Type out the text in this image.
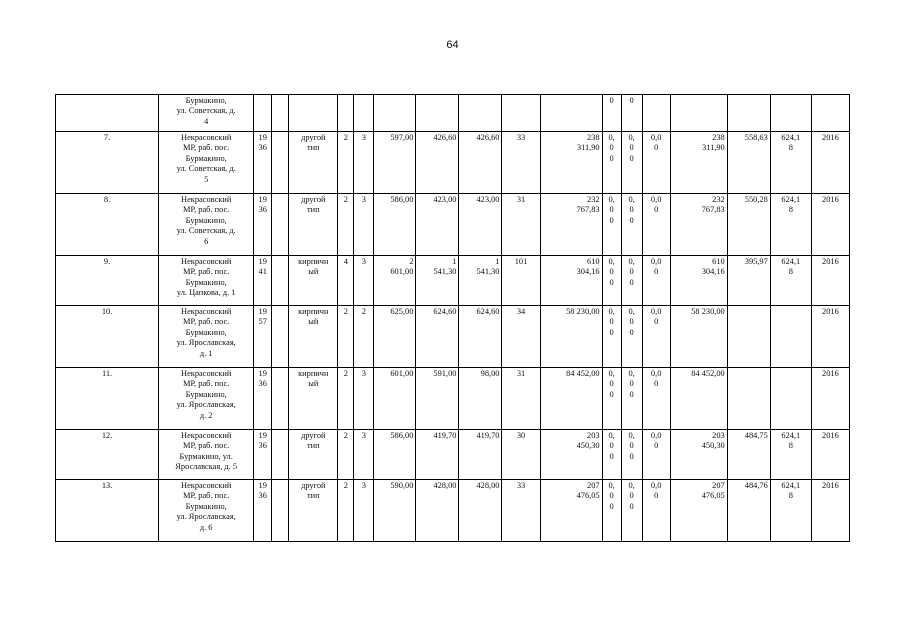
64

	Бурмакино,
ул. Советская, д.
4											0	0					

7.	Некрасовский
МР, раб. пос.
Бурмакино,
ул. Советская, д.
5	19
36		другой
тип	2	3	597,00	426,60	426,60	33	238
311,90	0,
0
0	0,
0
0	0,0
0	238
311,90	558,63	624,1
8	2016

8.	Некрасовский
МР, раб. пос.
Бурмакино,
ул. Советская, д.
6	19
36		другой
тип	2	3	586,00	423,00	423,00	31	232
767,83	0,
0
0	0,
0
0	0,0
0	232
767,83	550,28	624,1
8	2016

9.	Некрасовский
МР, раб. пос.
Бурмакино,
ул. Цапкова, д. 1	19
41		кирпичн
ый	4	3	2
601,00	1
541,30	1
541,30	101	610
304,16	0,
0
0	0,
0
0	0,0
0	610
304,16	395,97	624,1
8	2016

10.	Некрасовский
МР, раб. пос.
Бурмакино,
ул. Ярославская,
д. 1	19
57		кирпичн
ый	2	2	625,00	624,60	624,60	34	58 230,00	0,
0
0	0,
0
0	0,0
0	58 230,00			2016

11.	Некрасовский
МР, раб. пос.
Бурмакино,
ул. Ярославская,
д. 2	19
36		кирпичн
ый	2	3	601,00	591,00	98,00	31	84 452,00	0,
0
0	0,
0
0	0,0
0	84 452,00			2016

12.	Некрасовский
МР, раб. пос.
Бурмакино, ул.
Ярославская, д. 5	19
36		другой
тип	2	3	586,00	419,70	419,70	30	203
450,30	0,
0
0	0,
0
0	0,0
0	203
450,30	484,75	624,1
8	2016

13.	Некрасовский
МР, раб. пос.
Бурмакино,
ул. Ярославская,
д. 6	19
36		другой
тип	2	3	590,00	428,00	428,00	33	207
476,05	0,
0
0	0,
0
0	0,0
0	207
476,05	484,76	624,1
8	2016
